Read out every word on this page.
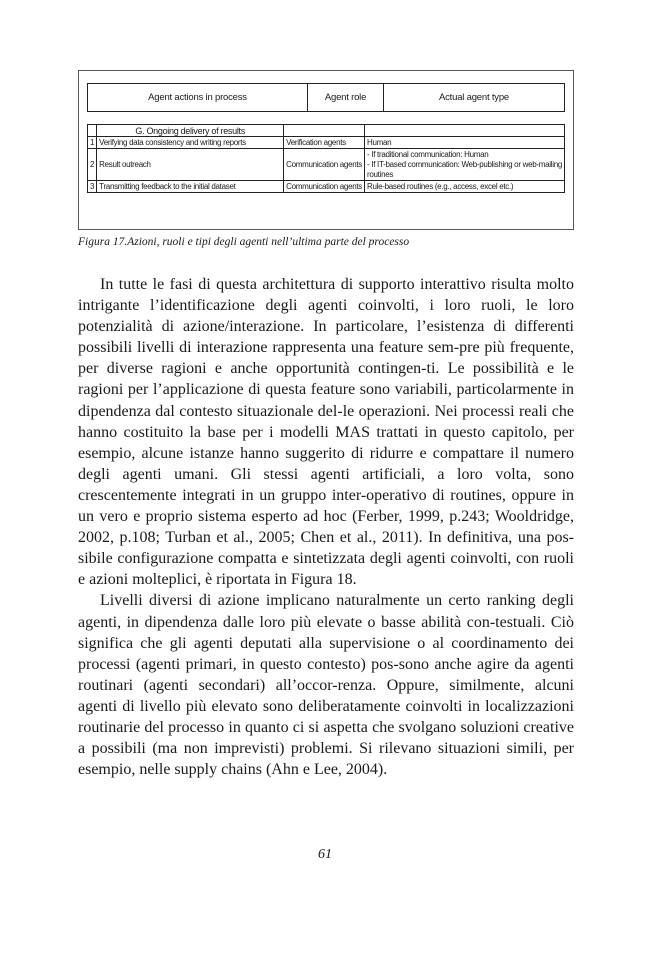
Agent actions in process	Agent role	Actual agent type
	G. Ongoing delivery of results		
1	Verifying data consistency and writing reports	Verification agents	Human
2	Result outreach	Communication agents	- If traditional communication: Human
- If IT-based communication: Web-publishing or web-mailing
routines

3	Transmitting feedback to the initial dataset	Communication agents	Rule-based routines (e.g., access, excel etc.)
Figura 17.Azioni, ruoli e tipi degli agenti nell’ultima parte del processo

In tutte le fasi di questa architettura di supporto interattivo risulta molto intrigante l’identificazione degli agenti coinvolti, i loro ruoli, le loro potenzialità di azione/interazione. In particolare, l’esistenza di differenti possibili livelli di interazione rappresenta una feature sem-pre più frequente, per diverse ragioni e anche opportunità contingen-ti. Le possibilità e le ragioni per l’applicazione di questa feature sono variabili, particolarmente in dipendenza dal contesto situazionale del-le operazioni. Nei processi reali che hanno costituito la base per i modelli MAS trattati in questo capitolo, per esempio, alcune istanze hanno suggerito di ridurre e compattare il numero degli agenti umani. Gli stessi agenti artificiali, a loro volta, sono crescentemente integrati in un gruppo inter-operativo di routines, oppure in un vero e proprio sistema esperto ad hoc (Ferber, 1999, p.243; Wooldridge, 2002, p.108; Turban et al., 2005; Chen et al., 2011). In definitiva, una pos-sibile configurazione compatta e sintetizzata degli agenti coinvolti, con ruoli e azioni molteplici, è riportata in Figura 18.

Livelli diversi di azione implicano naturalmente un certo ranking degli agenti, in dipendenza dalle loro più elevate o basse abilità con-testuali. Ciò significa che gli agenti deputati alla supervisione o al coordinamento dei processi (agenti primari, in questo contesto) pos-sono anche agire da agenti routinari (agenti secondari) all’occor-renza. Oppure, similmente, alcuni agenti di livello più elevato sono deliberatamente coinvolti in localizzazioni routinarie del processo in quanto ci si aspetta che svolgano soluzioni creative a possibili (ma non imprevisti) problemi. Si rilevano situazioni simili, per esempio, nelle supply chains (Ahn e Lee, 2004).

61
